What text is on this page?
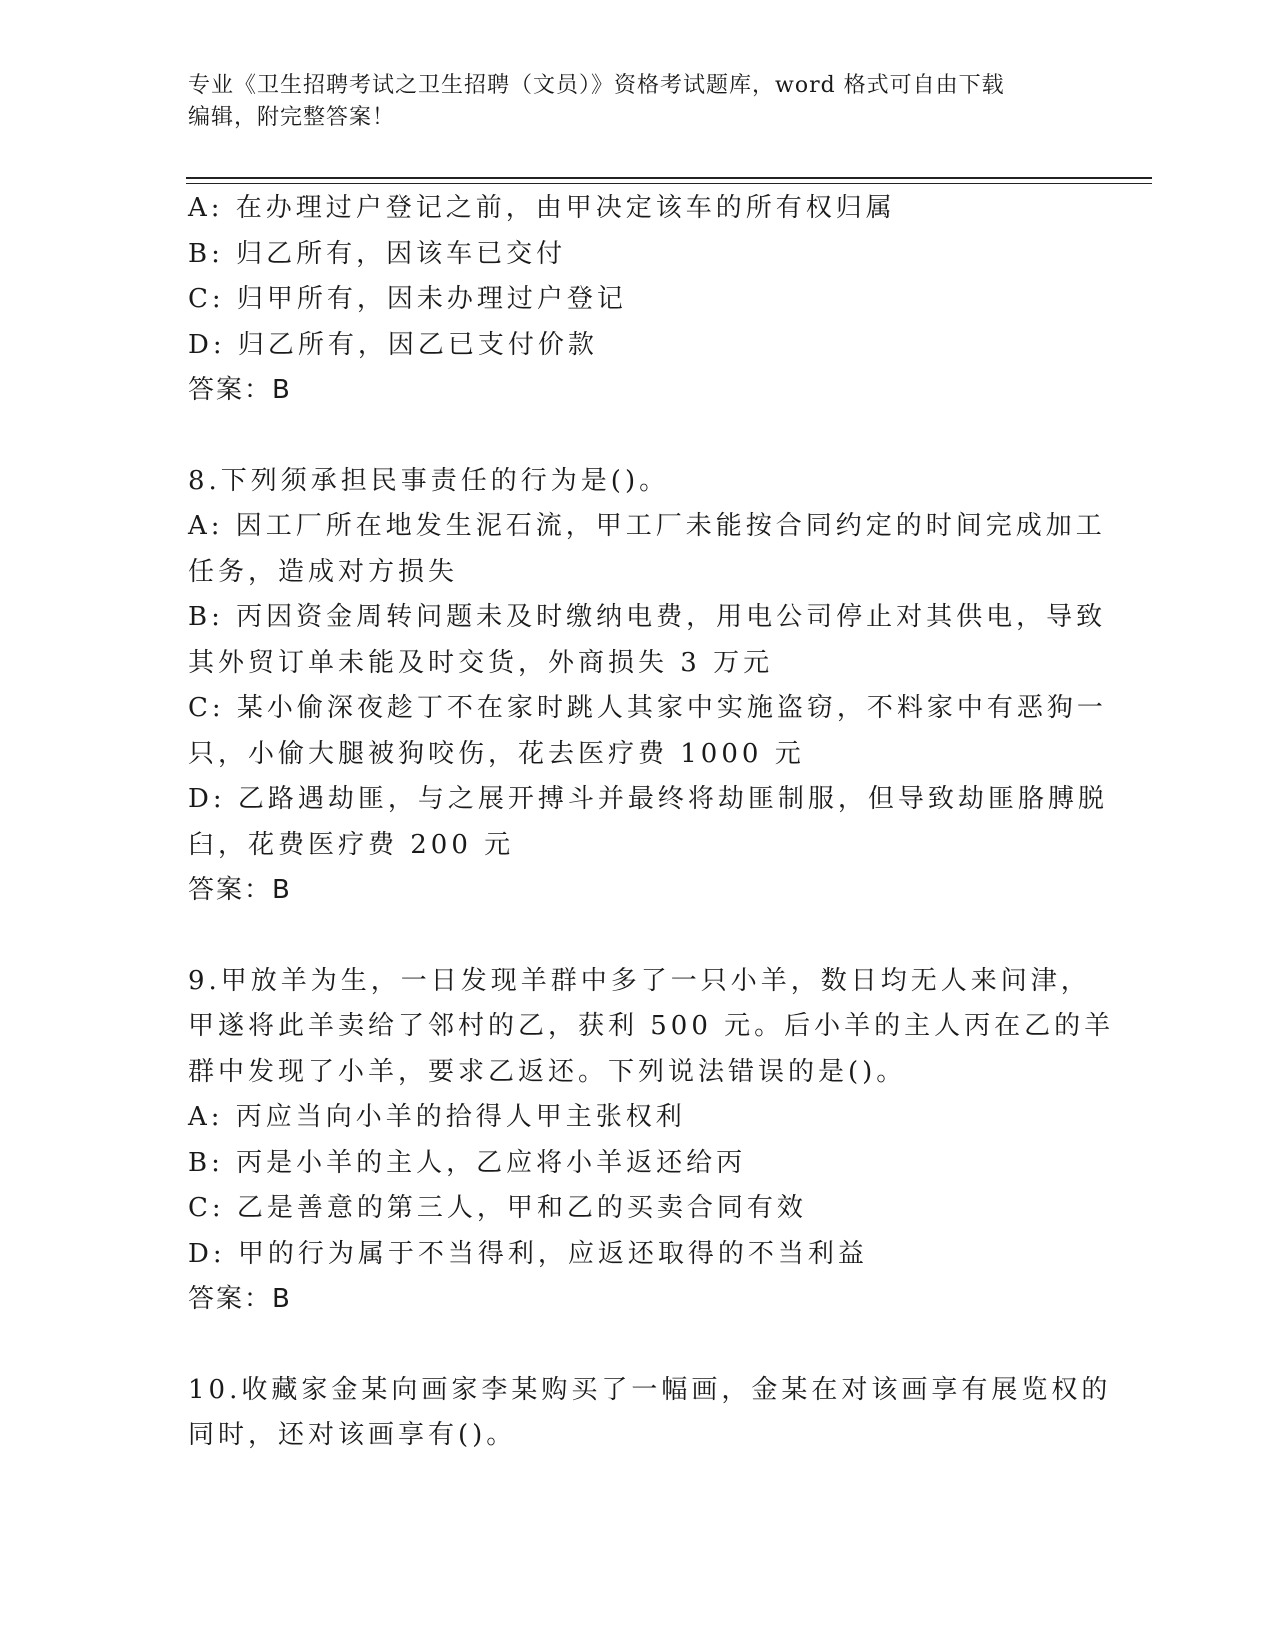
专业《卫生招聘考试之卫生招聘（文员）》资格考试题库，word 格式可自由下载
编辑，附完整答案！
A: 在办理过户登记之前，由甲决定该车的所有权归属
B: 归乙所有，因该车已交付
C: 归甲所有，因未办理过户登记
D: 归乙所有，因乙已支付价款
答案：B
8.下列须承担民事责任的行为是()。
A: 因工厂所在地发生泥石流，甲工厂未能按合同约定的时间完成加工
任务，造成对方损失
B: 丙因资金周转问题未及时缴纳电费，用电公司停止对其供电，导致
其外贸订单未能及时交货，外商损失 3 万元
C: 某小偷深夜趁丁不在家时跳人其家中实施盗窃，不料家中有恶狗一
只，小偷大腿被狗咬伤，花去医疗费 1000 元
D: 乙路遇劫匪，与之展开搏斗并最终将劫匪制服，但导致劫匪胳膊脱
臼，花费医疗费 200 元
答案：B
9.甲放羊为生，一日发现羊群中多了一只小羊，数日均无人来问津，
甲遂将此羊卖给了邻村的乙，获利 500 元。后小羊的主人丙在乙的羊
群中发现了小羊，要求乙返还。下列说法错误的是()。
A: 丙应当向小羊的拾得人甲主张权利
B: 丙是小羊的主人，乙应将小羊返还给丙
C: 乙是善意的第三人，甲和乙的买卖合同有效
D: 甲的行为属于不当得利，应返还取得的不当利益
答案：B
10.收藏家金某向画家李某购买了一幅画，金某在对该画享有展览权的
同时，还对该画享有()。
